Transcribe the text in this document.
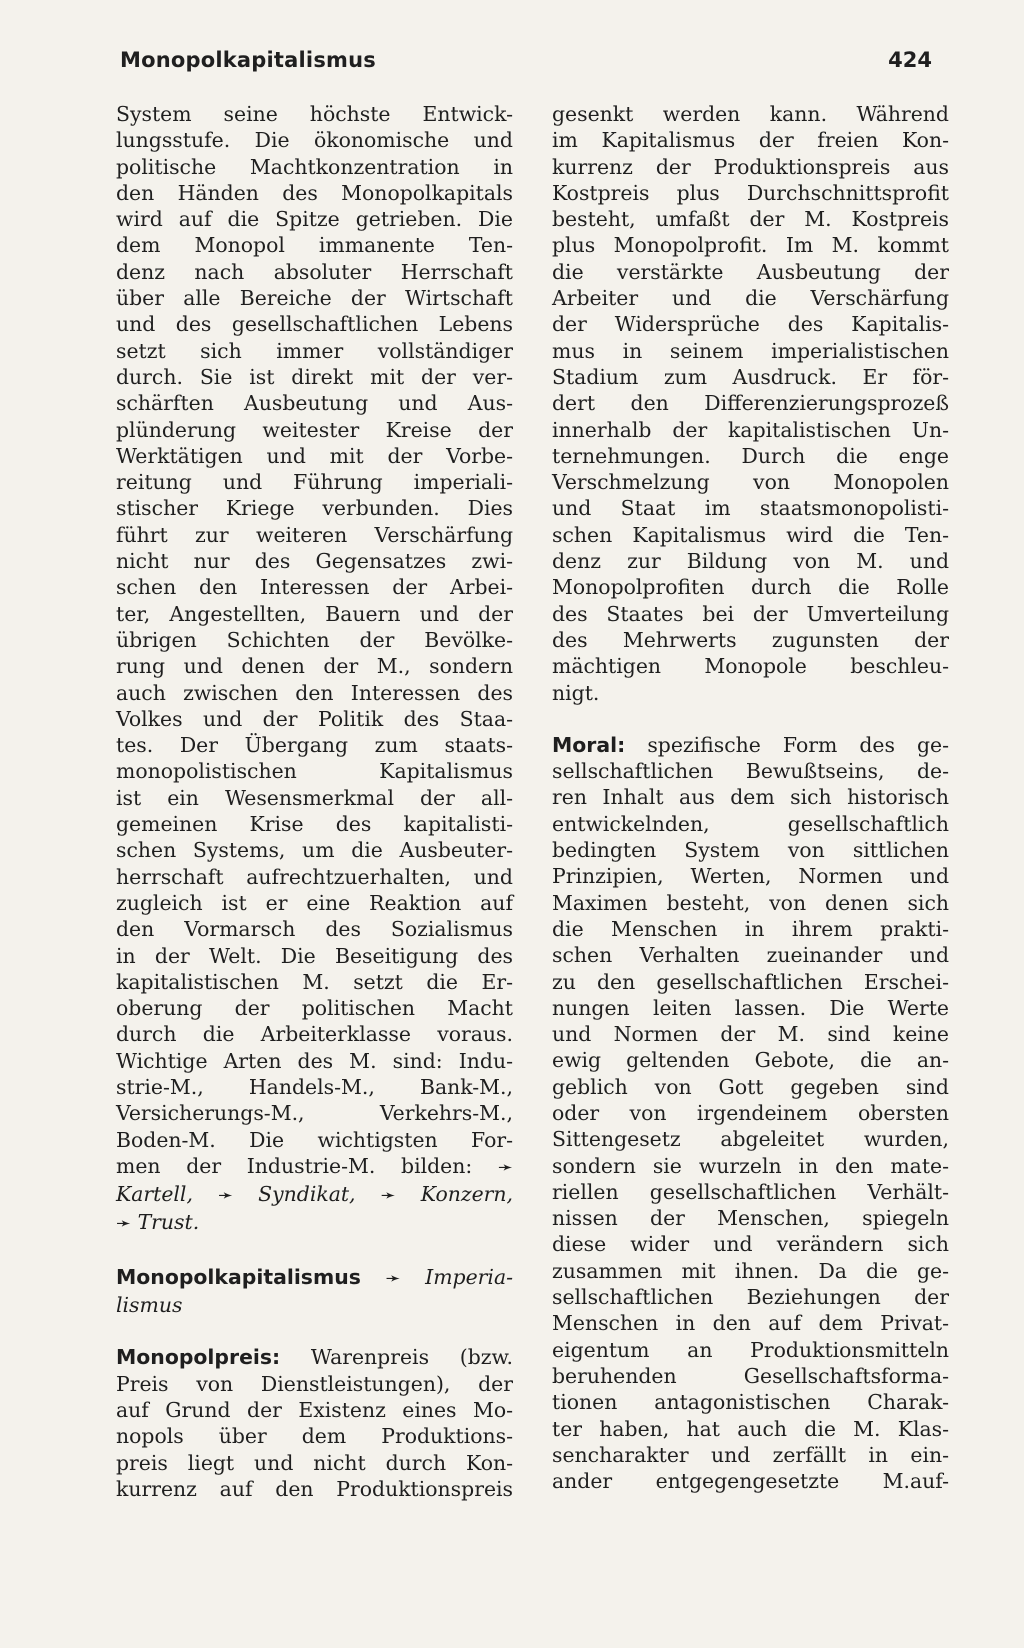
Monopolkapitalismus	424
System seine höchste Entwick-
lungsstufe. Die ökonomische und
politische Machtkonzentration in
den Händen des Monopolkapitals
wird auf die Spitze getrieben. Die
dem Monopol immanente Ten-
denz nach absoluter Herrschaft
über alle Bereiche der Wirtschaft
und des gesellschaftlichen Lebens
setzt sich immer vollständiger
durch. Sie ist direkt mit der ver-
schärften Ausbeutung und Aus-
plünderung weitester Kreise der
Werktätigen und mit der Vorbe-
reitung und Führung imperiali-
stischer Kriege verbunden. Dies
führt zur weiteren Verschärfung
nicht nur des Gegensatzes zwi-
schen den Interessen der Arbei-
ter, Angestellten, Bauern und der
übrigen Schichten der Bevölke-
rung und denen der M., sondern
auch zwischen den Interessen des
Volkes und der Politik des Staa-
tes. Der Übergang zum staats-
monopolistischen Kapitalismus
ist ein Wesensmerkmal der all-
gemeinen Krise des kapitalisti-
schen Systems, um die Ausbeuter-
herrschaft aufrechtzuerhalten, und
zugleich ist er eine Reaktion auf
den Vormarsch des Sozialismus
in der Welt. Die Beseitigung des
kapitalistischen M. setzt die Er-
oberung der politischen Macht
durch die Arbeiterklasse voraus.
Wichtige Arten des M. sind: Indu-
strie-M., Handels-M., Bank-M.,
Versicherungs-M., Verkehrs-M.,
Boden-M. Die wichtigsten For-
men der Industrie-M. bilden: ➛
Kartell, ➛ Syndikat, ➛ Konzern,
➛ Trust.
Monopolkapitalismus ➛ Imperia-
lismus
Monopolpreis: Warenpreis (bzw.
Preis von Dienstleistungen), der
auf Grund der Existenz eines Mo-
nopols über dem Produktions-
preis liegt und nicht durch Kon-
kurrenz auf den Produktionspreis
gesenkt werden kann. Während
im Kapitalismus der freien Kon-
kurrenz der Produktionspreis aus
Kostpreis plus Durchschnittsprofit
besteht, umfaßt der M. Kostpreis
plus Monopolprofit. Im M. kommt
die verstärkte Ausbeutung der
Arbeiter und die Verschärfung
der Widersprüche des Kapitalis-
mus in seinem imperialistischen
Stadium zum Ausdruck. Er för-
dert den Differenzierungsprozeß
innerhalb der kapitalistischen Un-
ternehmungen. Durch die enge
Verschmelzung von Monopolen
und Staat im staatsmonopolisti-
schen Kapitalismus wird die Ten-
denz zur Bildung von M. und
Monopolprofiten durch die Rolle
des Staates bei der Umverteilung
des Mehrwerts zugunsten der
mächtigen Monopole beschleu-
nigt.
Moral: spezifische Form des ge-
sellschaftlichen Bewußtseins, de-
ren Inhalt aus dem sich historisch
entwickelnden, gesellschaftlich
bedingten System von sittlichen
Prinzipien, Werten, Normen und
Maximen besteht, von denen sich
die Menschen in ihrem prakti-
schen Verhalten zueinander und
zu den gesellschaftlichen Erschei-
nungen leiten lassen. Die Werte
und Normen der M. sind keine
ewig geltenden Gebote, die an-
geblich von Gott gegeben sind
oder von irgendeinem obersten
Sittengesetz abgeleitet wurden,
sondern sie wurzeln in den mate-
riellen gesellschaftlichen Verhält-
nissen der Menschen, spiegeln
diese wider und verändern sich
zusammen mit ihnen. Da die ge-
sellschaftlichen Beziehungen der
Menschen in den auf dem Privat-
eigentum an Produktionsmitteln
beruhenden Gesellschaftsforma-
tionen antagonistischen Charak-
ter haben, hat auch die M. Klas-
sencharakter und zerfällt in ein-
ander entgegengesetzte M.auf-
